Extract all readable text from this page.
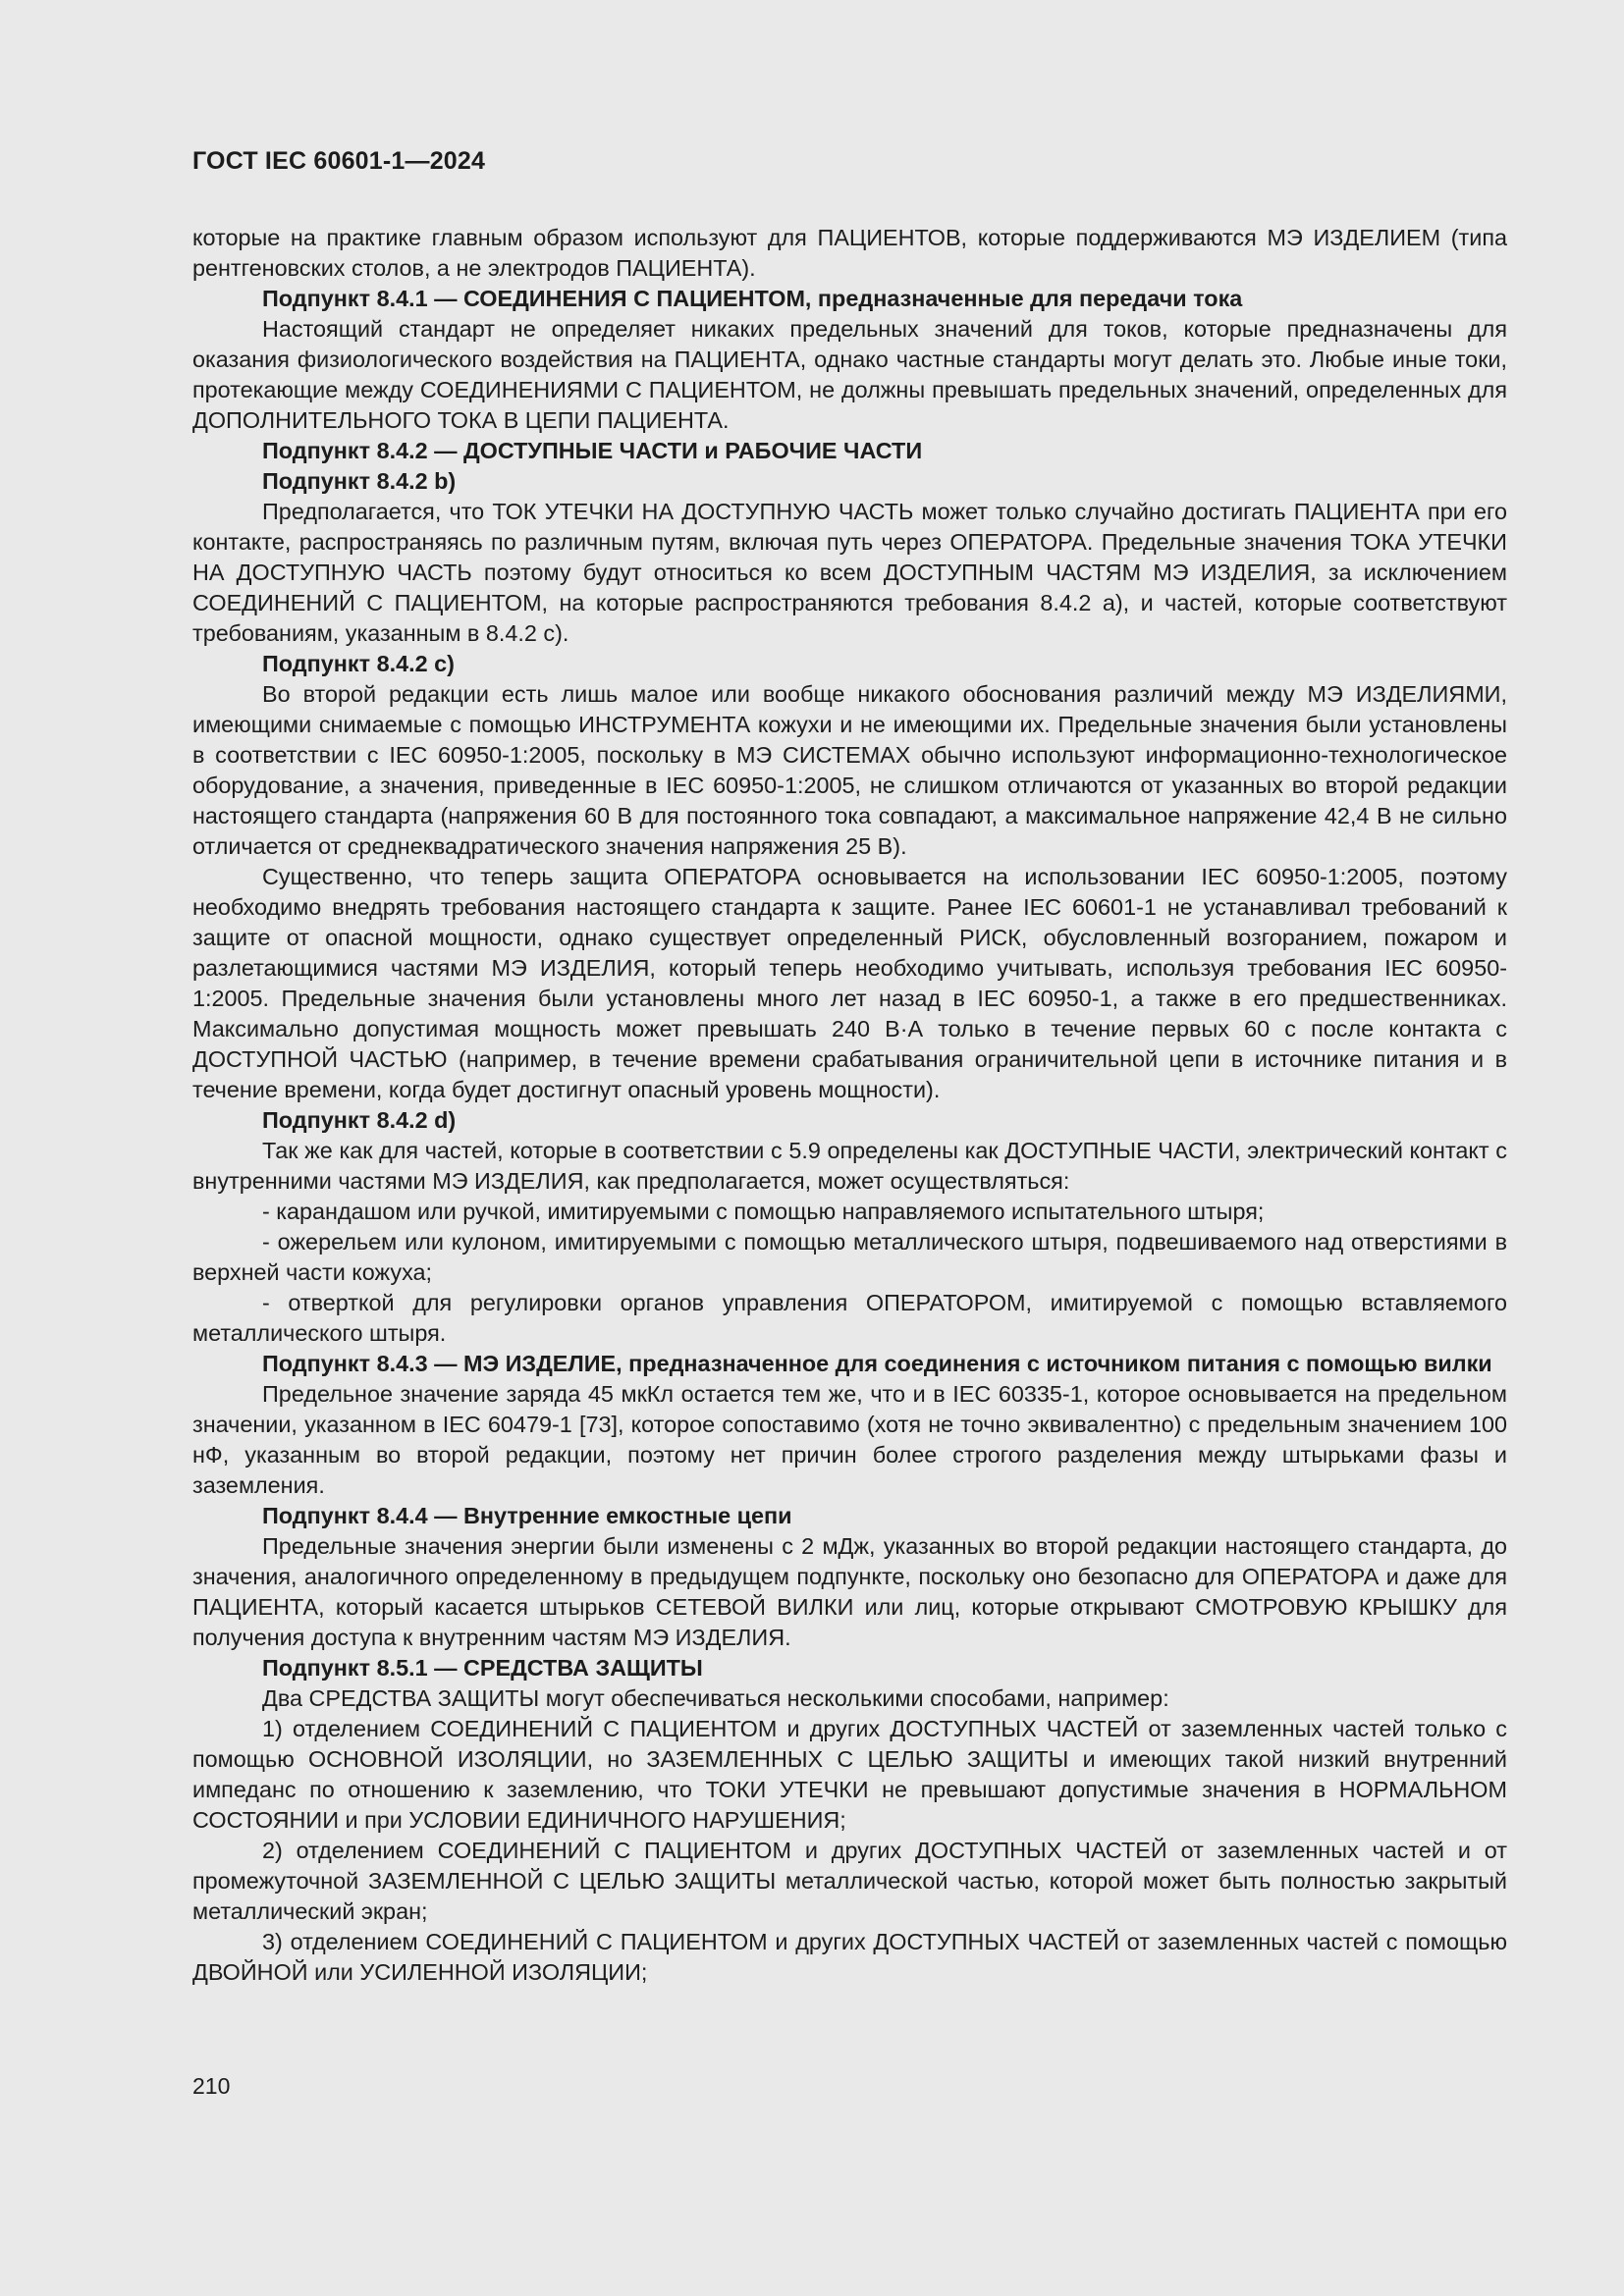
ГОСТ IEC 60601-1—2024

которые на практике главным образом используют для ПАЦИЕНТОВ, которые поддерживаются МЭ ИЗДЕЛИЕМ (типа рентгеновских столов, а не электродов ПАЦИЕНТА).

Подпункт 8.4.1 — СОЕДИНЕНИЯ С ПАЦИЕНТОМ, предназначенные для передачи тока

Настоящий стандарт не определяет никаких предельных значений для токов, которые предназначены для оказания физиологического воздействия на ПАЦИЕНТА, однако частные стандарты могут делать это. Любые иные токи, протекающие между СОЕДИНЕНИЯМИ С ПАЦИЕНТОМ, не должны превышать предельных значений, определенных для ДОПОЛНИТЕЛЬНОГО ТОКА В ЦЕПИ ПАЦИЕНТА.

Подпункт 8.4.2 — ДОСТУПНЫЕ ЧАСТИ и РАБОЧИЕ ЧАСТИ

Подпункт 8.4.2 b)

Предполагается, что ТОК УТЕЧКИ НА ДОСТУПНУЮ ЧАСТЬ может только случайно достигать ПАЦИЕНТА при его контакте, распространяясь по различным путям, включая путь через ОПЕРАТОРА. Предельные значения ТОКА УТЕЧКИ НА ДОСТУПНУЮ ЧАСТЬ поэтому будут относиться ко всем ДОСТУПНЫМ ЧАСТЯМ МЭ ИЗДЕЛИЯ, за исключением СОЕДИНЕНИЙ С ПАЦИЕНТОМ, на которые распространяются требования 8.4.2 а), и частей, которые соответствуют требованиям, указанным в 8.4.2 c).

Подпункт 8.4.2 c)

Во второй редакции есть лишь малое или вообще никакого обоснования различий между МЭ ИЗДЕЛИЯМИ, имеющими снимаемые с помощью ИНСТРУМЕНТА кожухи и не имеющими их. Предельные значения были установлены в соответствии с IEC 60950-1:2005, поскольку в МЭ СИСТЕМАХ обычно используют информационно-технологическое оборудование, а значения, приведенные в IEC 60950-1:2005, не слишком отличаются от указанных во второй редакции настоящего стандарта (напряжения 60 В для постоянного тока совпадают, а максимальное напряжение 42,4 В не сильно отличается от среднеквадратического значения напряжения 25 В).

Существенно, что теперь защита ОПЕРАТОРА основывается на использовании IEC 60950-1:2005, поэтому необходимо внедрять требования настоящего стандарта к защите. Ранее IEC 60601-1 не устанавливал требований к защите от опасной мощности, однако существует определенный РИСК, обусловленный возгоранием, пожаром и разлетающимися частями МЭ ИЗДЕЛИЯ, который теперь необходимо учитывать, используя требования IEC 60950-1:2005. Предельные значения были установлены много лет назад в IEC 60950-1, а также в его предшественниках. Максимально допустимая мощность может превышать 240 В·А только в течение первых 60 с после контакта с ДОСТУПНОЙ ЧАСТЬЮ (например, в течение времени срабатывания ограничительной цепи в источнике питания и в течение времени, когда будет достигнут опасный уровень мощности).

Подпункт 8.4.2 d)

Так же как для частей, которые в соответствии с 5.9 определены как ДОСТУПНЫЕ ЧАСТИ, электрический контакт с внутренними частями МЭ ИЗДЕЛИЯ, как предполагается, может осуществляться:

- карандашом или ручкой, имитируемыми с помощью направляемого испытательного штыря;

- ожерельем или кулоном, имитируемыми с помощью металлического штыря, подвешиваемого над отверстиями в верхней части кожуха;

- отверткой для регулировки органов управления ОПЕРАТОРОМ, имитируемой с помощью вставляемого металлического штыря.

Подпункт 8.4.3 — МЭ ИЗДЕЛИЕ, предназначенное для соединения с источником питания с помощью вилки

Предельное значение заряда 45 мкКл остается тем же, что и в IEC 60335-1, которое основывается на предельном значении, указанном в IEC 60479-1 [73], которое сопоставимо (хотя не точно эквивалентно) с предельным значением 100 нФ, указанным во второй редакции, поэтому нет причин более строгого разделения между штырьками фазы и заземления.

Подпункт 8.4.4 — Внутренние емкостные цепи

Предельные значения энергии были изменены с 2 мДж, указанных во второй редакции настоящего стандарта, до значения, аналогичного определенному в предыдущем подпункте, поскольку оно безопасно для ОПЕРАТОРА и даже для ПАЦИЕНТА, который касается штырьков СЕТЕВОЙ ВИЛКИ или лиц, которые открывают СМОТРОВУЮ КРЫШКУ для получения доступа к внутренним частям МЭ ИЗДЕЛИЯ.

Подпункт 8.5.1 — СРЕДСТВА ЗАЩИТЫ

Два СРЕДСТВА ЗАЩИТЫ могут обеспечиваться несколькими способами, например:

1) отделением СОЕДИНЕНИЙ С ПАЦИЕНТОМ и других ДОСТУПНЫХ ЧАСТЕЙ от заземленных частей только с помощью ОСНОВНОЙ ИЗОЛЯЦИИ, но ЗАЗЕМЛЕННЫХ С ЦЕЛЬЮ ЗАЩИТЫ и имеющих такой низкий внутренний импеданс по отношению к заземлению, что ТОКИ УТЕЧКИ не превышают допустимые значения в НОРМАЛЬНОМ СОСТОЯНИИ и при УСЛОВИИ ЕДИНИЧНОГО НАРУШЕНИЯ;

2) отделением СОЕДИНЕНИЙ С ПАЦИЕНТОМ и других ДОСТУПНЫХ ЧАСТЕЙ от заземленных частей и от промежуточной ЗАЗЕМЛЕННОЙ С ЦЕЛЬЮ ЗАЩИТЫ металлической частью, которой может быть полностью закрытый металлический экран;

3) отделением СОЕДИНЕНИЙ С ПАЦИЕНТОМ и других ДОСТУПНЫХ ЧАСТЕЙ от заземленных частей с помощью ДВОЙНОЙ или УСИЛЕННОЙ ИЗОЛЯЦИИ;

210
